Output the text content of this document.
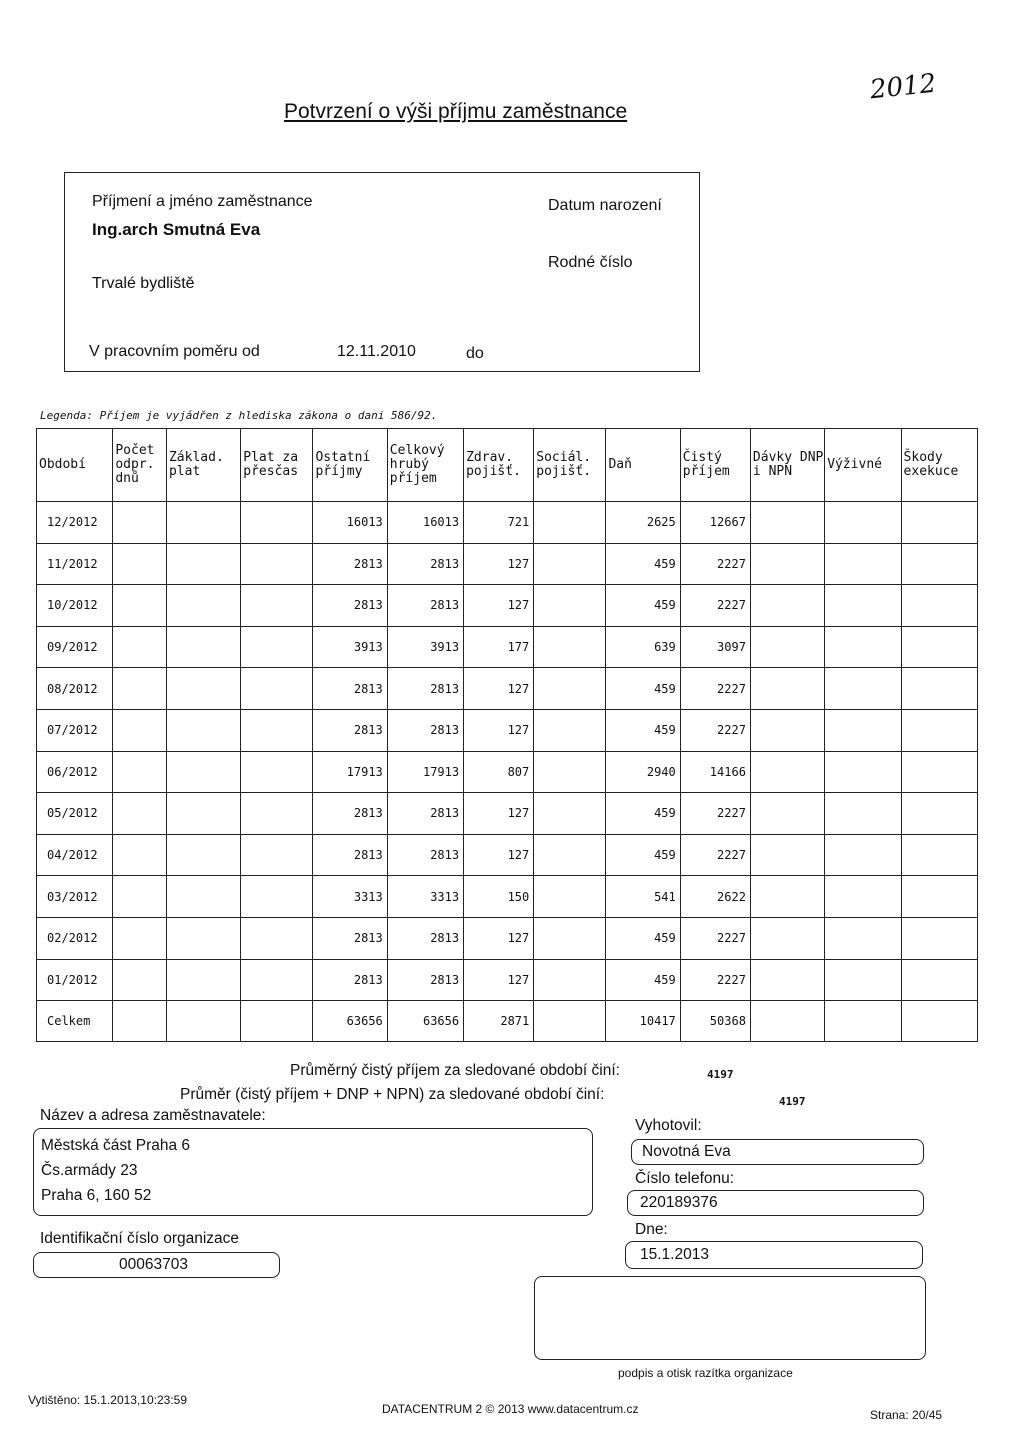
Potvrzení o výši příjmu zaměstnance
2012
Příjmení a jméno zaměstnance
Ing.arch Smutná Eva
Datum narození
Trvalé bydliště
Rodné číslo
V pracovním poměru od	12.11.2010	do
Legenda: Příjem je vyjádřen z hlediska zákona o dani 586/92.
Období	Počet odpr. dnů	Základ. plat	Plat za přesčas	Ostatní příjmy	Celkový hrubý příjem	Zdrav. pojišť.	Sociál. pojišť.	Daň	Čistý příjem	Dávky DNP i NPN	Výživné	Škody exekuce
12/2012				16013	16013	721		2625	12667			
11/2012				2813	2813	127		459	2227			
10/2012				2813	2813	127		459	2227			
09/2012				3913	3913	177		639	3097			
08/2012				2813	2813	127		459	2227			
07/2012				2813	2813	127		459	2227			
06/2012				17913	17913	807		2940	14166			
05/2012				2813	2813	127		459	2227			
04/2012				2813	2813	127		459	2227			
03/2012				3313	3313	150		541	2622			
02/2012				2813	2813	127		459	2227			
01/2012				2813	2813	127		459	2227			
Celkem				63656	63656	2871		10417	50368			
Průměrný čistý příjem za sledované období činí:	4197
Průměr (čistý příjem + DNP + NPN) za sledované období činí:	4197
Název a adresa zaměstnavatele:
Městská část Praha 6
Čs.armády 23
Praha 6, 160 52
Identifikační číslo organizace
00063703
Vyhotovil:
Novotná Eva
Číslo telefonu:
220189376
Dne:
15.1.2013
podpis a otisk razítka organizace
Vytištěno: 15.1.2013,10:23:59
DATACENTRUM 2 © 2013 www.datacentrum.cz	Strana: 20/45
